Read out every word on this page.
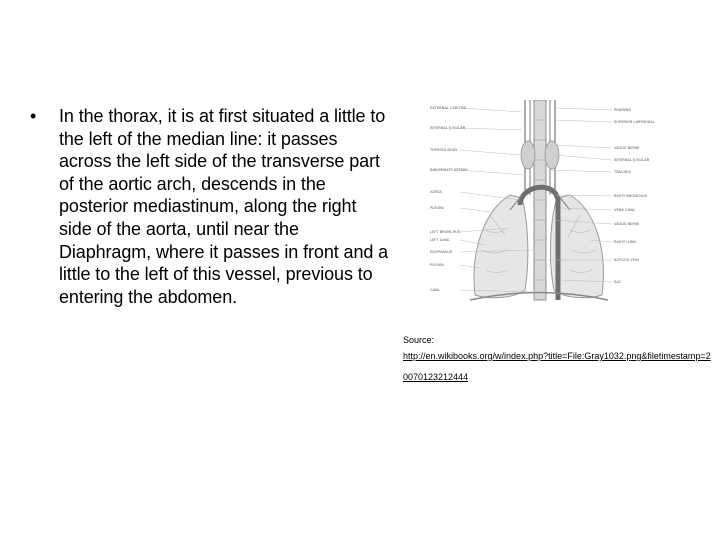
• In the thorax, it is at first situated a little to the left of the median line: it passes across the left side of the transverse part of the aortic arch, descends in the posterior mediastinum, along the right side of the aorta, until near the Diaphragm, where it passes in front and a little to the left of this vessel, previous to entering the abdomen.
EXTERNAL CAROTID
INTERNAL JUGULAR
THYROID BODY
INNOMINATE ARTERY
AORTA
PLEURA
LEFT BRONCHUS
LEFT LUNG
ESOPHAGUS
PLEURA
CAVA
PHARYNX
SUPERIOR LARYNGEAL
VAGUS NERVE
INTERNAL JUGULAR
TRACHEA
RIGHT BRONCHUS
VENA CAVA
VAGUS NERVE
RIGHT LUNG
AZYGOS VEIN
SAC
Source:
http://en.wikibooks.org/w/index.php?title=File:Gray1032.png&filetimestamp=20070123212444
